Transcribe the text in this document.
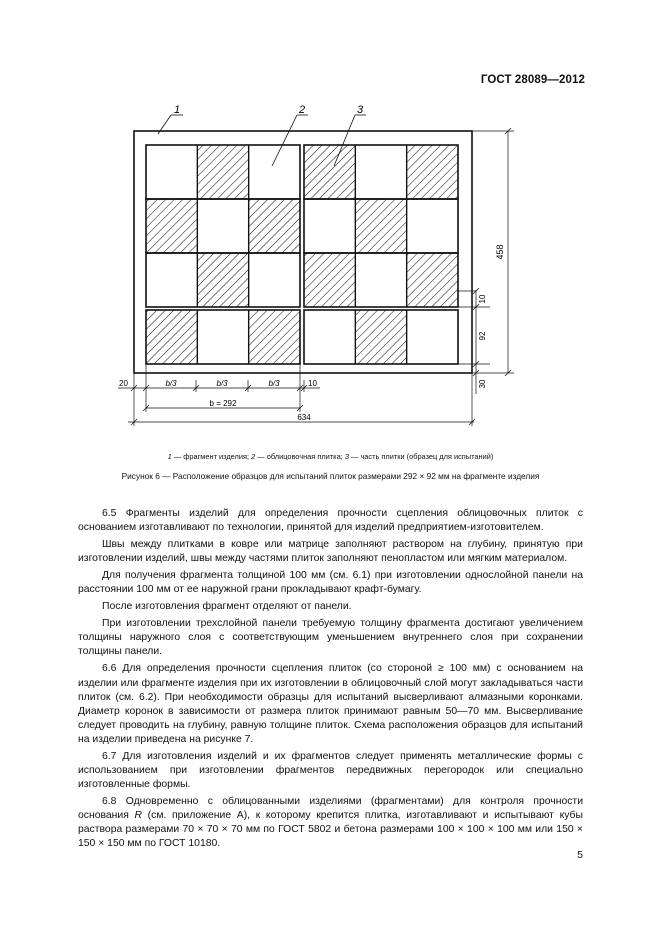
ГОСТ 28089—2012
1	2	3
458
10
92
30
20	b/3	b/3	b/3	10
b = 292
634
1 — фрагмент изделия; 2 — облицовочная плитка; 3 — часть плитки (образец для испытаний)
Рисунок 6 — Расположение образцов для испытаний плиток размерами 292 × 92 мм на фрагменте изделия

6.5 Фрагменты изделий для определения прочности сцепления облицовочных плиток с основанием изготавливают по технологии, принятой для изделий предприятием-изготовителем.

Швы между плитками в ковре или матрице заполняют раствором на глубину, принятую при изготовлении изделий, швы между частями плиток заполняют пенопластом или мягким материалом.

Для получения фрагмента толщиной 100 мм (см. 6.1) при изготовлении однослойной панели на расстоянии 100 мм от ее наружной грани прокладывают крафт-бумагу.

После изготовления фрагмент отделяют от панели.

При изготовлении трехслойной панели требуемую толщину фрагмента достигают увеличением толщины наружного слоя с соответствующим уменьшением внутреннего слоя при сохранении толщины панели.

6.6 Для определения прочности сцепления плиток (со стороной ≥ 100 мм) с основанием на изделии или фрагменте изделия при их изготовлении в облицовочный слой могут закладываться части плиток (см. 6.2). При необходимости образцы для испытаний высверливают алмазными коронками. Диаметр коронок в зависимости от размера плиток принимают равным 50—70 мм. Высверливание следует проводить на глубину, равную толщине плиток. Схема расположения образцов для испытаний на изделии приведена на рисунке 7.

6.7 Для изготовления изделий и их фрагментов следует применять металлические формы с использованием при изготовлении фрагментов передвижных перегородок или специально изготовленные формы.

6.8 Одновременно с облицованными изделиями (фрагментами) для контроля прочности основания R (см. приложение А), к которому крепится плитка, изготавливают и испытывают кубы раствора размерами 70 × 70 × 70 мм по ГОСТ 5802 и бетона размерами 100 × 100 × 100 мм или 150 × 150 × 150 мм по ГОСТ 10180.

5
